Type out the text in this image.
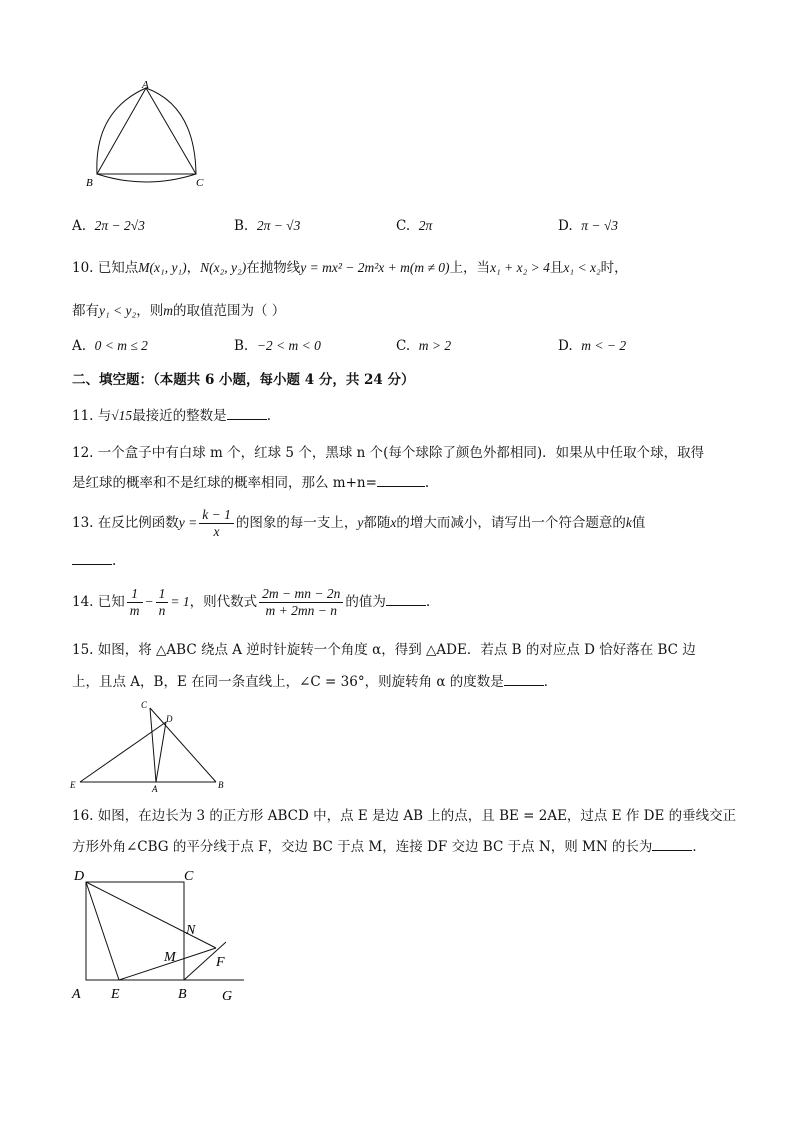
A
B	C
A. 2π − 2√3	B. 2π − √3	C. 2π	D. π − √3
10. 已知点M(x₁, y₁)，N(x₂, y₂)在抛物线y = mx² − 2m²x + m(m ≠ 0)上，当x₁ + x₂ > 4且x₁ < x₂时，
都有y₁ < y₂，则m的取值范围为（ ）
A. 0 < m ≤ 2	B. −2 < m < 0	C. m > 2	D. m < − 2
二、填空题：（本题共 6 小题，每小题 4 分，共 24 分）
11. 与√15最接近的整数是	.
12. 一个盒子中有白球 m 个，红球 5 个，黑球 n 个(每个球除了颜色外都相同)．如果从中任取个球，取得
是红球的概率和不是红球的概率相同，那么 m+n=	.
13. 在反比例函数$y = \frac{k - 1}{x}$ 的图象的每一支上，y都随x的增大而减小，请写出一个符合题意的k值
.
14. 已知 $\frac{1}{m} - \frac{1}{n} = 1$，则代数式 $\frac{2m - mn - 2n}{m + 2mn - n}$ 的值为	.
15. 如图，将 △ABC 绕点 A 逆时针旋转一个角度 α，得到 △ADE．若点 B 的对应点 D 恰好落在 BC 边
上，且点 A，B，E 在同一条直线上，∠C = 36°，则旋转角 α 的度数是	．
C
D
E	A	B
16. 如图，在边长为 3 的正方形 ABCD 中，点 E 是边 AB 上的点，且 BE = 2AE，过点 E 作 DE 的垂线交正
方形外角∠CBG 的平分线于点 F，交边 BC 于点 M，连接 DF 交边 BC 于点 N，则 MN 的长为	．
D	C
N
M	F
A E	B	G
